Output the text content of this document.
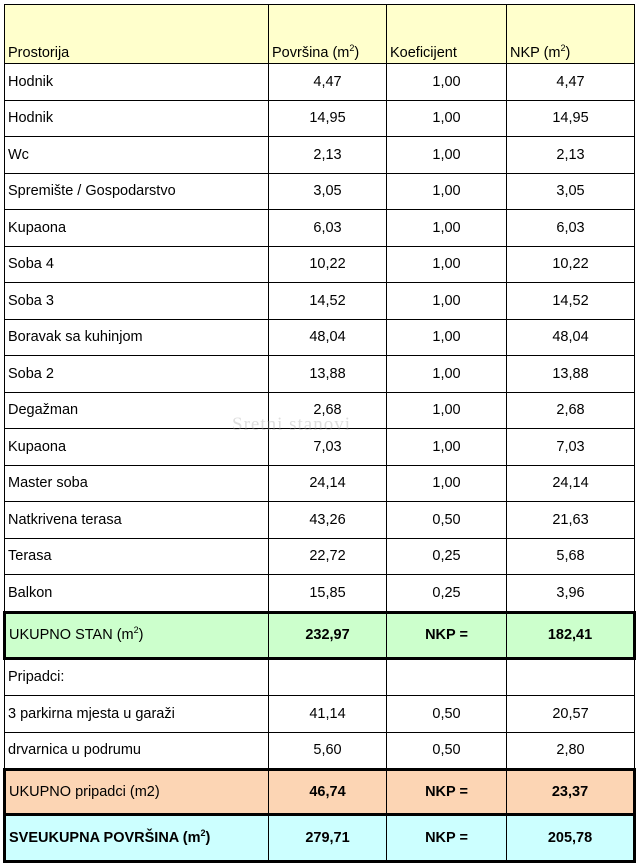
Prostorija	Površina $(m^2)$	Koeficijent	NKP $(m^2)$
Hodnik	4,47	1,00	4,47
Hodnik	14,95	1,00	14,95
Wc	2,13	1,00	2,13
Spremište / Gospodarstvo	3,05	1,00	3,05
Kupaona	6,03	1,00	6,03
Soba 4	10,22	1,00	10,22
Soba 3	14,52	1,00	14,52
Boravak sa kuhinjom	48,04	1,00	48,04
Soba 2	13,88	1,00	13,88
Degažman	2,68	1,00	2,68
Kupaona	7,03	1,00	7,03
Master soba	24,14	1,00	24,14
Natkrivena terasa	43,26	0,50	21,63
Terasa	22,72	0,25	5,68
Balkon	15,85	0,25	3,96
UKUPNO STAN $(m^2)$	232,97	NKP =	182,41
Pripadci:			
3 parkirna mjesta u garaži	41,14	0,50	20,57
drvarnica u podrumu	5,60	0,50	2,80
UKUPNO pripadci (m2)	46,74	NKP =	23,37
SVEUKUPNA POVRŠINA $(m^2)$	279,71	NKP =	205,78
Sretni stanovi
